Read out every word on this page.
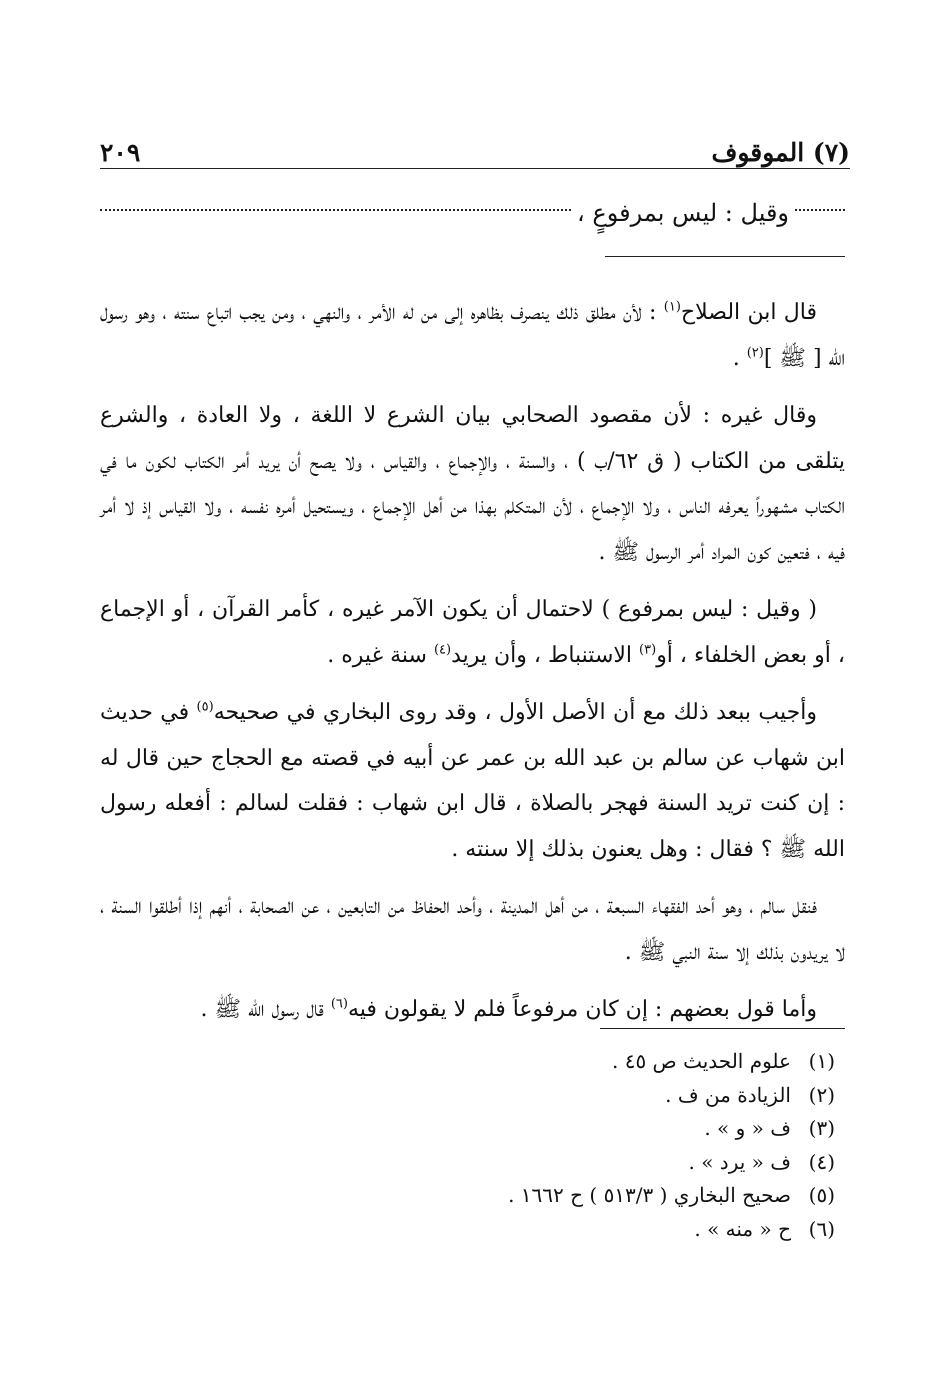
(٧) الموقوف
٢٠٩
وقيل : ليس بمرفوعٍ ،

قال ابن الصلاح$^{(١)}$ : لأن مطلق ذلك ينصرف بظاهره إلى من له الأمر ، والنهي ، ومن يجب اتباع سنته ، وهو رسول الله [ ﷺ ]$^{(٢)}$ .

وقال غيره : لأن مقصود الصحابي بيان الشرع لا اللغة ، ولا العادة ، والشرع يتلقى من الكتاب ( ق ٦٢/ب ) ، والسنة ، والإجماع ، والقياس ، ولا يصح أن يريد أمر الكتاب لكون ما في الكتاب مشهوراً يعرفه الناس ، ولا الإجماع ، لأن المتكلم بهذا من أهل الإجماع ، ويستحيل أمره نفسه ، ولا القياس إذ لا أمر فيه ، فتعين كون المراد أمر الرسول ﷺ .

( وقيل : ليس بمرفوع ) لاحتمال أن يكون الآمر غيره ، كأمر القرآن ، أو الإجماع ، أو بعض الخلفاء ، أو$^{(٣)}$ الاستنباط ، وأن يريد$^{(٤)}$ سنة غيره .

وأجيب ببعد ذلك مع أن الأصل الأول ، وقد روى البخاري في صحيحه$^{(٥)}$ في حديث ابن شهاب عن سالم بن عبد الله بن عمر عن أبيه في قصته مع الحجاج حين قال له : إن كنت تريد السنة فهجر بالصلاة ، قال ابن شهاب : فقلت لسالم : أفعله رسول الله ﷺ ؟ فقال : وهل يعنون بذلك إلا سنته .

فنقل سالم ، وهو أحد الفقهاء السبعة ، من أهل المدينة ، وأحد الحفاظ من التابعين ، عن الصحابة ، أنهم إذا أطلقوا السنة ، لا يريدون بذلك إلا سنة النبي ﷺ .

وأما قول بعضهم : إن كان مرفوعاً فلم لا يقولون فيه$^{(٦)}$ قال رسول الله ﷺ .

(١)علوم الحديث ص ٤٥ .
(٢)الزيادة من ف .
(٣)ف « و » .
(٤)ف « يرد » .
(٥)صحيح البخاري ( ٥١٣/٣ ) ح ١٦٦٢ .
(٦)ح « منه » .
